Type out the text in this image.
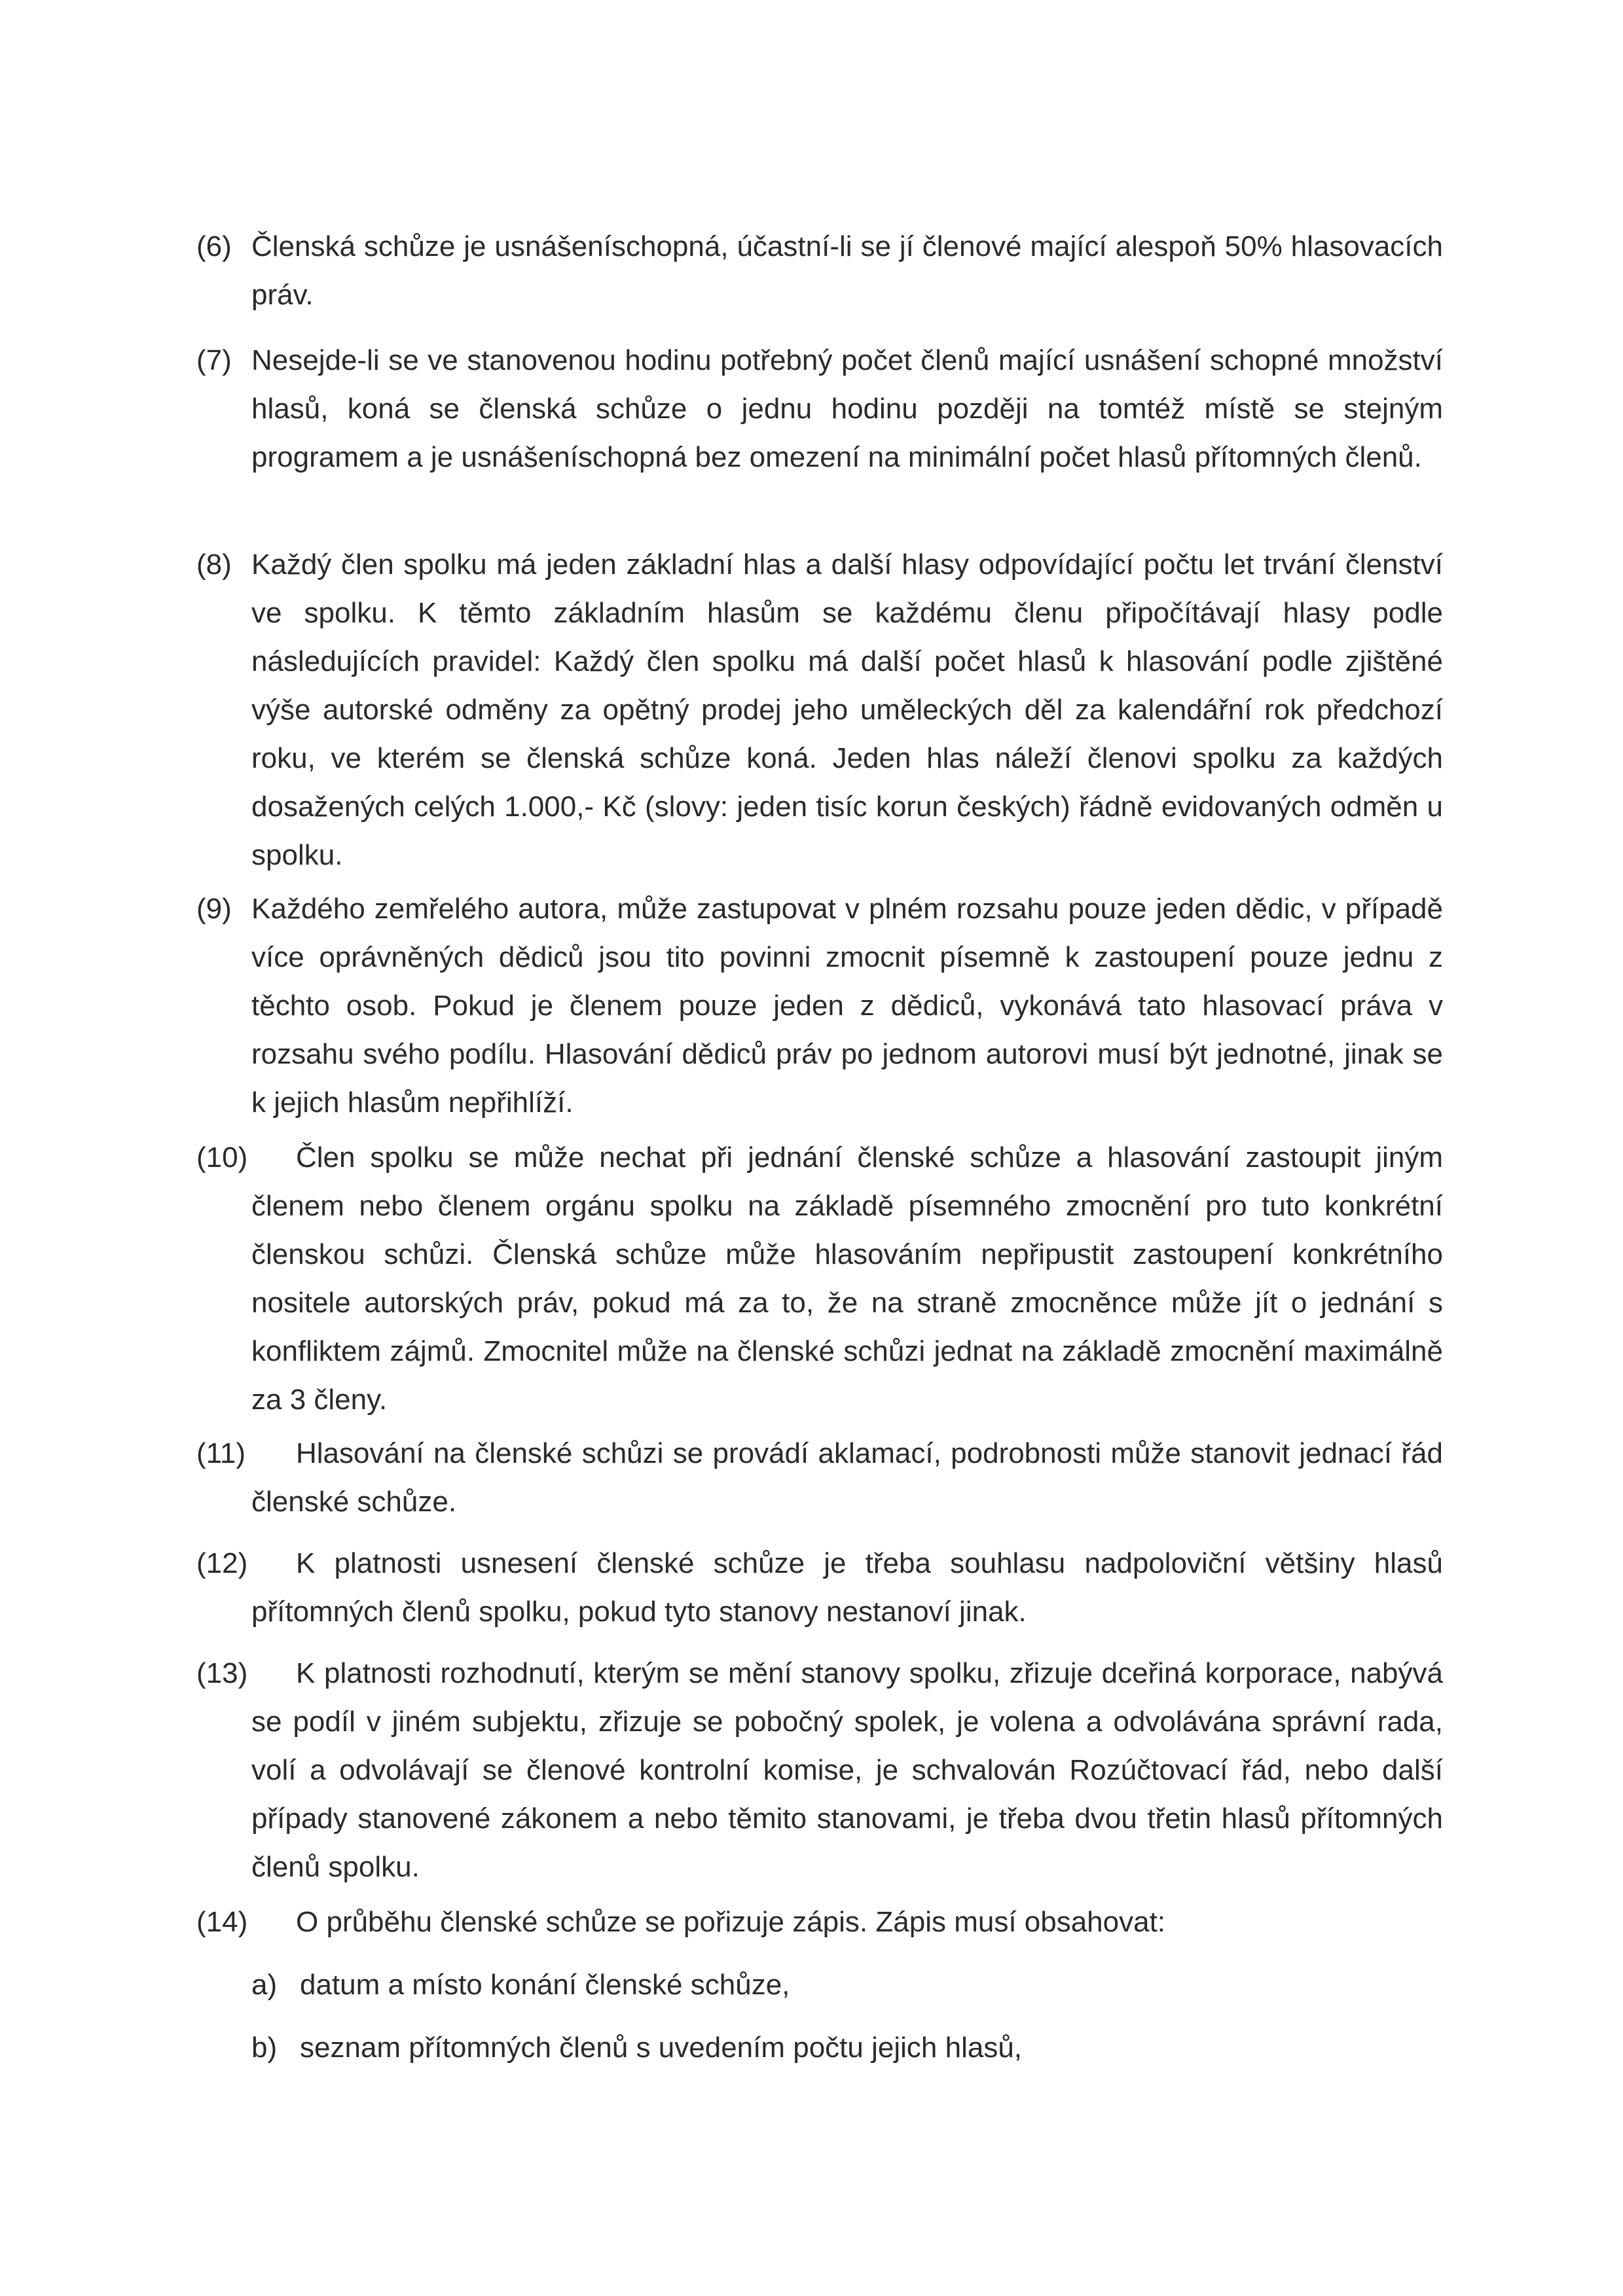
(6) Členská schůze je usnášeníschopná, účastní-li se jí členové mající alespoň 50% hlasovacích práv.
(7) Nesejde-li se ve stanovenou hodinu potřebný počet členů mající usnášení schopné množství hlasů, koná se členská schůze o jednu hodinu později na tomtéž místě se stejným programem a je usnášeníschopná bez omezení na minimální počet hlasů přítomných členů.
(8) Každý člen spolku má jeden základní hlas a další hlasy odpovídající počtu let trvání členství ve spolku. K těmto základním hlasům se každému členu připočítávají hlasy podle následujících pravidel: Každý člen spolku má další počet hlasů k hlasování podle zjištěné výše autorské odměny za opětný prodej jeho uměleckých děl za kalendářní rok předchozí roku, ve kterém se členská schůze koná. Jeden hlas náleží členovi spolku za každých dosažených celých 1.000,- Kč (slovy: jeden tisíc korun českých) řádně evidovaných odměn u spolku.
(9) Každého zemřelého autora, může zastupovat v plném rozsahu pouze jeden dědic, v případě více oprávněných dědiců jsou tito povinni zmocnit písemně k zastoupení pouze jednu z těchto osob. Pokud je členem pouze jeden z dědiců, vykonává tato hlasovací práva v rozsahu svého podílu. Hlasování dědiců práv po jednom autorovi musí být jednotné, jinak se k jejich hlasům nepřihlíží.
(10)	Člen spolku se může nechat při jednání členské schůze a hlasování zastoupit jiným členem nebo členem orgánu spolku na základě písemného zmocnění pro tuto konkrétní členskou schůzi. Členská schůze může hlasováním nepřipustit zastoupení konkrétního nositele autorských práv, pokud má za to, že na straně zmocněnce může jít o jednání s konfliktem zájmů. Zmocnitel může na členské schůzi jednat na základě zmocnění maximálně za 3 členy.
(11)	Hlasování na členské schůzi se provádí aklamací, podrobnosti může stanovit jednací řád členské schůze.
(12)	K platnosti usnesení členské schůze je třeba souhlasu nadpoloviční většiny hlasů přítomných členů spolku, pokud tyto stanovy nestanoví jinak.
(13)	K platnosti rozhodnutí, kterým se mění stanovy spolku, zřizuje dceřiná korporace, nabývá se podíl v jiném subjektu, zřizuje se pobočný spolek, je volena a odvolávána správní rada, volí a odvolávají se členové kontrolní komise, je schvalován Rozúčtovací řád, nebo další případy stanovené zákonem a nebo těmito stanovami, je třeba dvou třetin hlasů přítomných členů spolku.
(14)	O průběhu členské schůze se pořizuje zápis. Zápis musí obsahovat:
a) datum a místo konání členské schůze,
b) seznam přítomných členů s uvedením počtu jejich hlasů,
